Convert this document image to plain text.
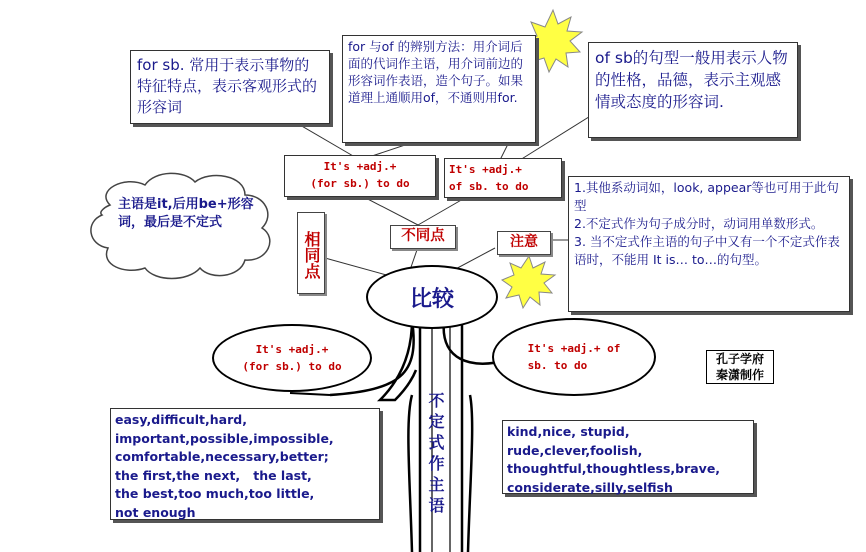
for sb. 常用于表示事物的特征特点，表示客观形式的形容词
for 与of 的辨别方法：用介词后面的代词作主语，用介词前边的形容词作表语，造个句子。如果道理上通顺用of，不通则用for.
of sb的句型一般用表示人物的性格，品德，表示主观感情或态度的形容词.
It's +adj.+
(for sb.) to do
It's +adj.+
of sb. to do
相同点	不同点	注意
主语是it,后用be+形容词，最后是不定式
1.其他系动词如，look, appear等也可用于此句型
2.不定式作为句子成分时，动词用单数形式。
3. 当不定式作主语的句子中又有一个不定式作表语时，不能用 It is… to…的句型。
比较
It's +adj.+
(for sb.) to do
It's +adj.+ of
sb. to do
不定式作主语
easy,difficult,hard,
important,possible,impossible,
comfortable,necessary,better;
the first,the next,   the last,
the best,too much,too little,
not enough
kind,nice, stupid,
rude,clever,foolish,
thoughtful,thoughtless,brave,
considerate,silly,selfish
孔子学府
秦潇制作
